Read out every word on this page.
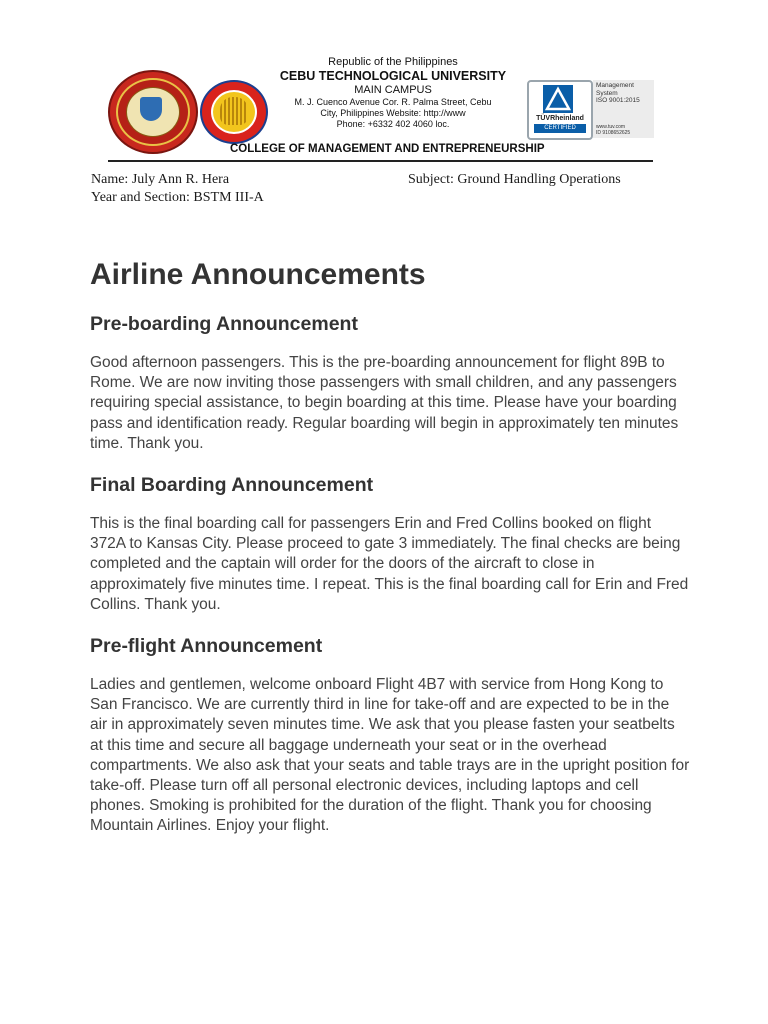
Republic of the Philippines
CEBU TECHNOLOGICAL UNIVERSITY
MAIN CAMPUS
M. J. Cuenco Avenue Cor. R. Palma Street, Cebu
City, Philippines Website: http://www
Phone: +6332 402 4060 loc.
TÜVRheinland
CERTIFIED
Management
System
ISO 9001:2015
www.tuv.com
ID 9108652625
COLLEGE OF MANAGEMENT AND ENTREPRENEURSHIP
Name: July Ann R. Hera
Year and Section: BSTM III-A
Subject: Ground Handling Operations
Airline Announcements
Pre-boarding Announcement

Good afternoon passengers. This is the pre-boarding announcement for flight 89B to Rome. We are now inviting those passengers with small children, and any passengers requiring special assistance, to begin boarding at this time. Please have your boarding pass and identification ready. Regular boarding will begin in approximately ten minutes time. Thank you.

Final Boarding Announcement

This is the final boarding call for passengers Erin and Fred Collins booked on flight 372A to Kansas City. Please proceed to gate 3 immediately. The final checks are being completed and the captain will order for the doors of the aircraft to close in approximately five minutes time. I repeat. This is the final boarding call for Erin and Fred Collins. Thank you.

Pre-flight Announcement

Ladies and gentlemen, welcome onboard Flight 4B7 with service from Hong Kong to San Francisco. We are currently third in line for take-off and are expected to be in the air in approximately seven minutes time. We ask that you please fasten your seatbelts at this time and secure all baggage underneath your seat or in the overhead compartments. We also ask that your seats and table trays are in the upright position for take-off. Please turn off all personal electronic devices, including laptops and cell phones. Smoking is prohibited for the duration of the flight. Thank you for choosing Mountain Airlines. Enjoy your flight.
